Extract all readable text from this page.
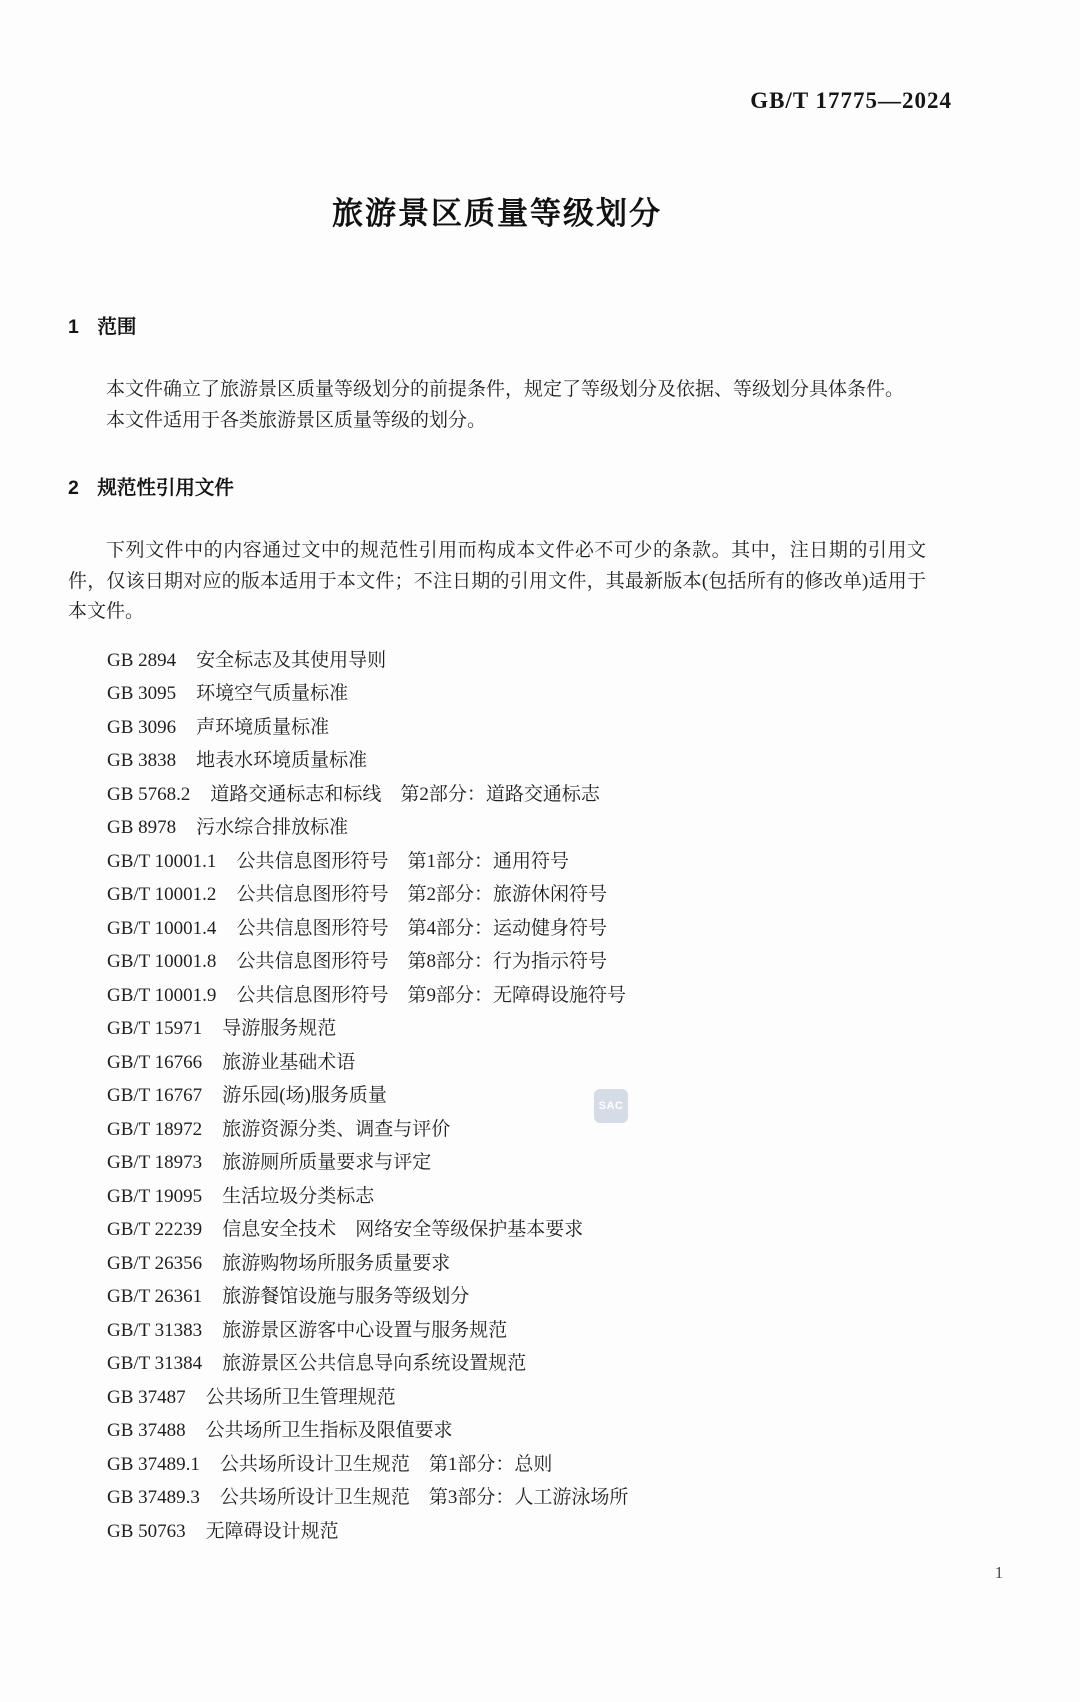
GB/T 17775—2024
旅游景区质量等级划分
1 范围

本文件确立了旅游景区质量等级划分的前提条件，规定了等级划分及依据、等级划分具体条件。

本文件适用于各类旅游景区质量等级的划分。

2 规范性引用文件

下列文件中的内容通过文中的规范性引用而构成本文件必不可少的条款。其中，注日期的引用文件，仅该日期对应的版本适用于本文件；不注日期的引用文件，其最新版本(包括所有的修改单)适用于本文件。

GB 2894 安全标志及其使用导则
GB 3095 环境空气质量标准
GB 3096 声环境质量标准
GB 3838 地表水环境质量标准
GB 5768.2 道路交通标志和标线　第2部分：道路交通标志
GB 8978 污水综合排放标准
GB/T 10001.1 公共信息图形符号　第1部分：通用符号
GB/T 10001.2 公共信息图形符号　第2部分：旅游休闲符号
GB/T 10001.4 公共信息图形符号　第4部分：运动健身符号
GB/T 10001.8 公共信息图形符号　第8部分：行为指示符号
GB/T 10001.9 公共信息图形符号　第9部分：无障碍设施符号
GB/T 15971 导游服务规范
GB/T 16766 旅游业基础术语
GB/T 16767 游乐园(场)服务质量
GB/T 18972 旅游资源分类、调查与评价
GB/T 18973 旅游厕所质量要求与评定
GB/T 19095 生活垃圾分类标志
GB/T 22239 信息安全技术　网络安全等级保护基本要求
GB/T 26356 旅游购物场所服务质量要求
GB/T 26361 旅游餐馆设施与服务等级划分
GB/T 31383 旅游景区游客中心设置与服务规范
GB/T 31384 旅游景区公共信息导向系统设置规范
GB 37487 公共场所卫生管理规范
GB 37488 公共场所卫生指标及限值要求
GB 37489.1 公共场所设计卫生规范　第1部分：总则
GB 37489.3 公共场所设计卫生规范　第3部分：人工游泳场所
GB 50763 无障碍设计规范
SAC
1
